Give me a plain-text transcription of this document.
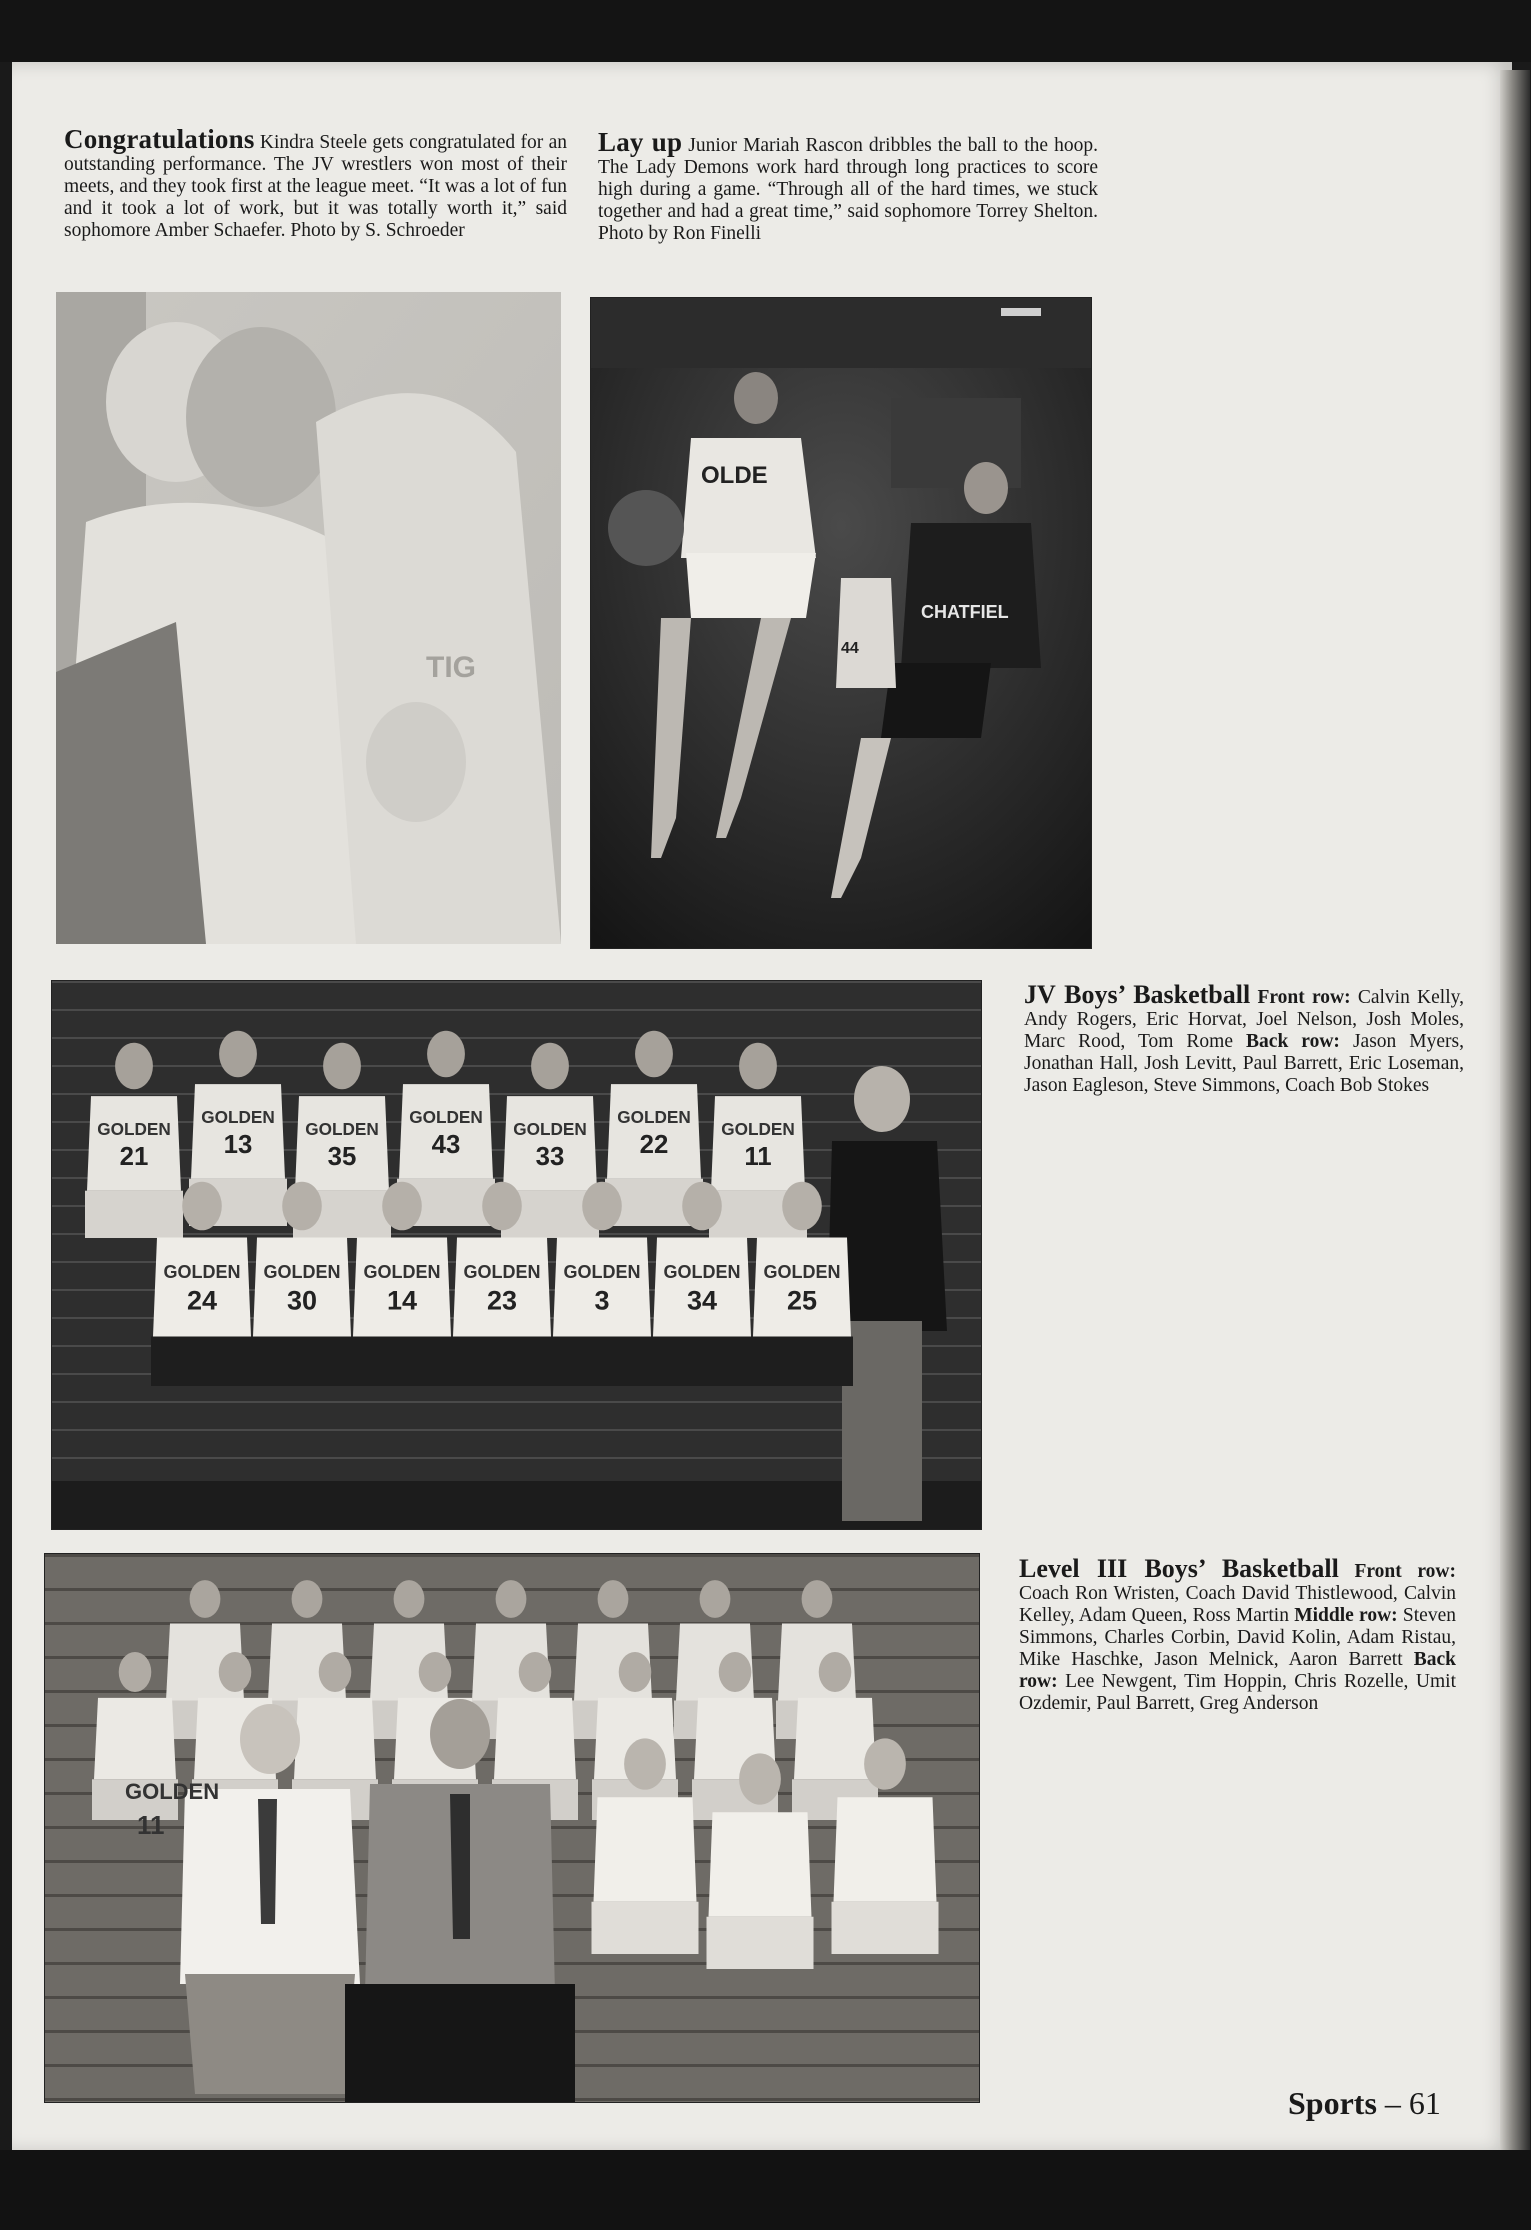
Congratulations Kindra Steele gets congratulated for an outstanding performance. The JV wrestlers won most of their meets, and they took first at the league meet. “It was a lot of fun and it took a lot of work, but it was totally worth it,” said sophomore Amber Schaefer. Photo by S. Schroeder

Lay up Junior Mariah Rascon dribbles the ball to the hoop. The Lady Demons work hard through long practices to score high during a game. “Through all of the hard times, we stuck together and had a great time,” said sophomore Torrey Shelton. Photo by Ron Finelli

TIG
OLDE
CHATFIEL
44
GOLDEN
21
GOLDEN
13
GOLDEN
35
GOLDEN
43
GOLDEN
33
GOLDEN
22
GOLDEN
11
GOLDEN
24
GOLDEN
30
GOLDEN
14
GOLDEN
23
GOLDEN
3
GOLDEN
34
GOLDEN
25

JV Boys’ Basketball Front row: Calvin Kelly, Andy Rogers, Eric Horvat, Joel Nelson, Josh Moles, Marc Rood, Tom Rome Back row: Jason Myers, Jonathan Hall, Josh Levitt, Paul Barrett, Eric Loseman, Jason Eagleson, Steve Simmons, Coach Bob Stokes

GOLDEN
11

Level III Boys’ Basketball Front row: Coach Ron Wristen, Coach David Thistlewood, Calvin Kelley, Adam Queen, Ross Martin Middle row: Steven Simmons, Charles Corbin, David Kolin, Adam Ristau, Mike Haschke, Jason Melnick, Aaron Barrett Back row: Lee Newgent, Tim Hoppin, Chris Rozelle, Umit Ozdemir, Paul Barrett, Greg Anderson

Sports – 61
